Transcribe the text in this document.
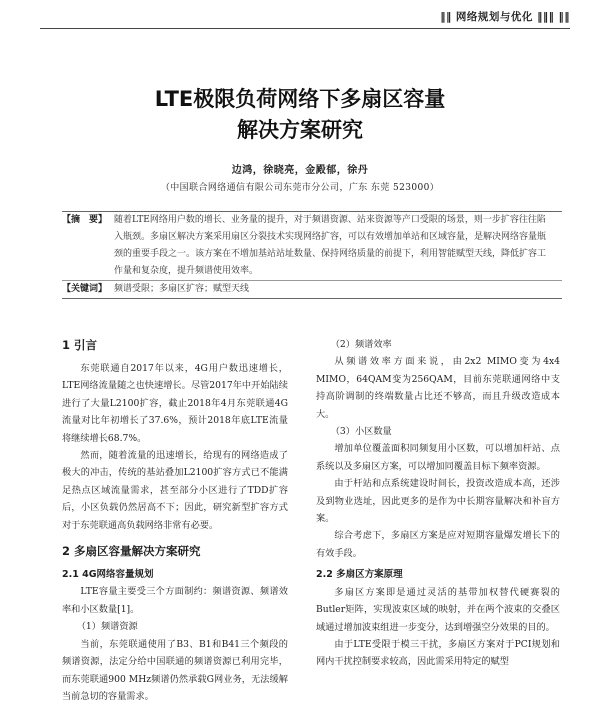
‖‖ 网络规划与优化 ‖‖‖ ‖‖
LTE极限负荷网络下多扇区容量
解决方案研究
边鸿，徐晓亮，金殿郁，徐丹
（中国联合网络通信有限公司东莞市分公司，广东 东莞 523000）
【摘　要】 随着LTE网络用户数的增长、业务量的提升，对于频谱资源、站来资源等产口受限的场景，则一步扩容往往陷入瓶颈。多扇区解决方案采用扇区分裂技术实现网络扩容，可以有效增加单站和区域容量，是解决网络容量瓶颈的重要手段之一。该方案在不增加基站站址数量、保持网络质量的前提下，利用智能赋型天线，降低扩容工作量和复杂度，提升频谱使用效率。
【关键词】 频谱受限；多扇区扩容；赋型天线
1 引言

东莞联通自2017年以来，4G用户数迅速增长，LTE网络流量随之也快速增长。尽管2017年中开始陆续进行了大量L2100扩容，截止2018年4月东莞联通4G流量对比年初增长了37.6%，预计2018年底LTE流量将继续增长68.7%。

然而，随着流量的迅速增长，给现有的网络造成了极大的冲击，传统的基站叠加L2100扩容方式已不能满足热点区域流量需求，甚至部分小区进行了TDD扩容后，小区负载仍然居高不下；因此，研究新型扩容方式对于东莞联通高负载网络非常有必要。

2 多扇区容量解决方案研究
2.1 4G网络容量规划

LTE容量主要受三个方面制约：频谱资源、频谱效率和小区数量[1]。

（1）频谱资源

当前，东莞联通使用了B3、B1和B41三个频段的频谱资源，法定分给中国联通的频谱资源已利用完毕，而东莞联通900 MHz频谱仍然承载G网业务，无法缓解当前急切的容量需求。

（2）频谱效率

从频谱效率方面来说，由2x2 MIMO变为4x4 MIMO，64QAM变为256QAM，目前东莞联通网络中支持高阶调制的终端数量占比还不够高，而且升级改造成本大。

（3）小区数量

增加单位覆盖面积同频复用小区数，可以增加杆站、点系统以及多扇区方案，可以增加同覆盖目标下频率资源。

由于杆站和点系统建设时间长，投资改造成本高，还涉及到物业选址，因此更多的是作为中长期容量解决和补盲方案。

综合考虑下，多扇区方案是应对短期容量爆发增长下的有效手段。

2.2 多扇区方案原理

多扇区方案即是通过灵活的基带加权替代硬赛裂的Butler矩阵，实现波束区域的映射，并在两个波束的交叠区域通过增加波束组进一步变分，达到增强空分效果的目的。

由于LTE受限于模三干扰，多扇区方案对于PCI规划和网内干扰控制要求较高，因此需采用特定的赋型
